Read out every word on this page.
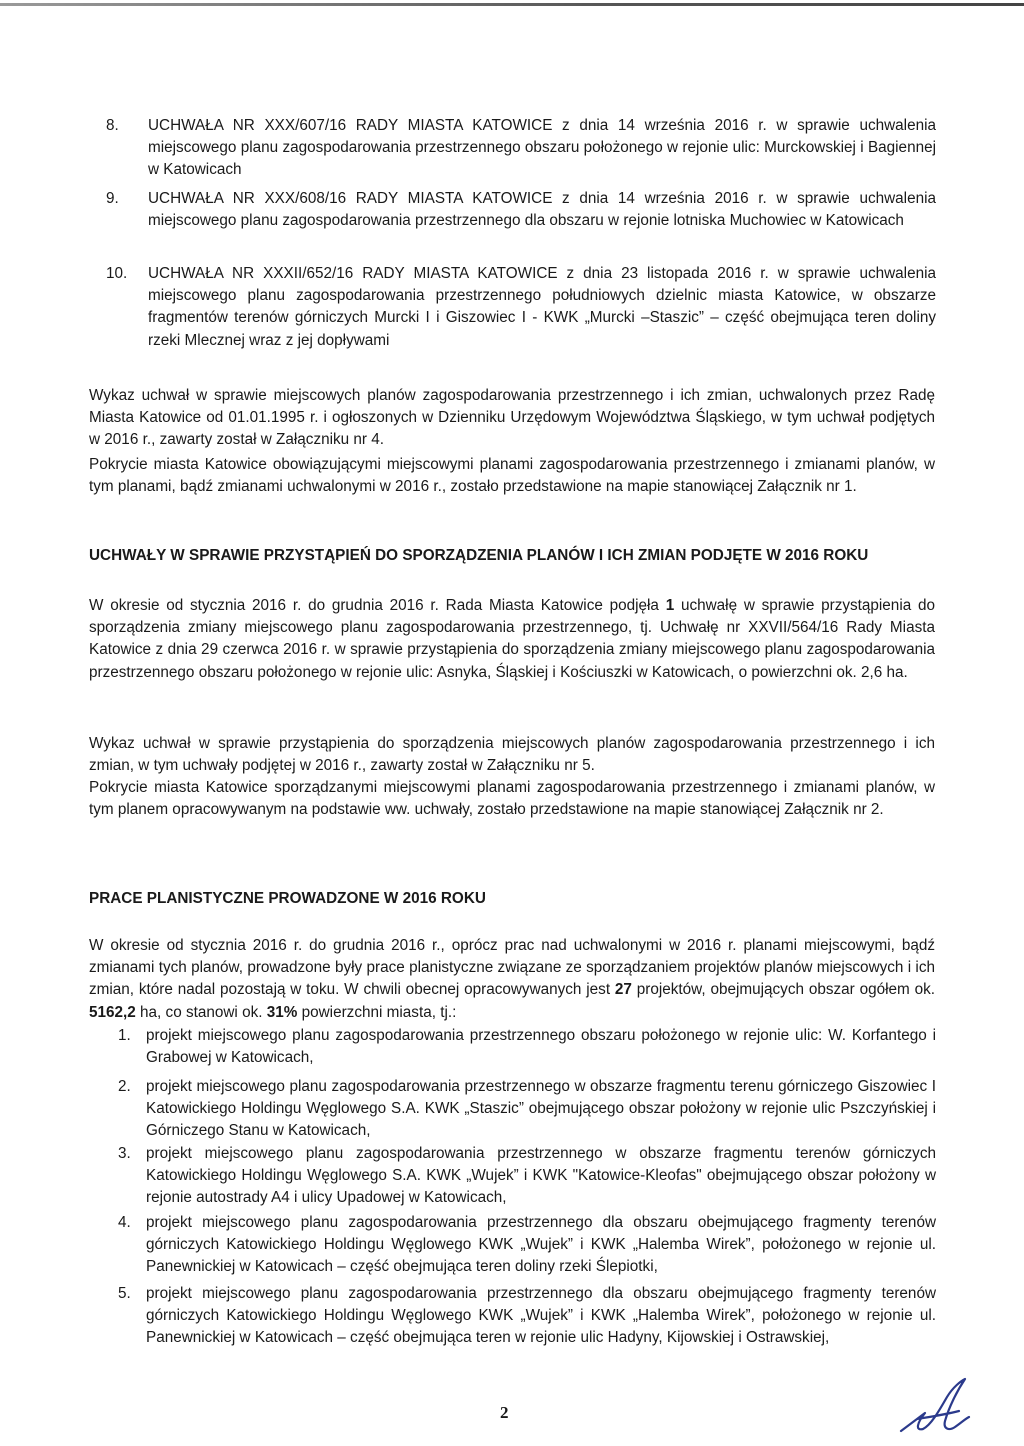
8.	UCHWAŁA NR XXX/607/16 RADY MIASTA KATOWICE z dnia 14 września 2016 r. w sprawie uchwalenia miejscowego planu zagospodarowania przestrzennego obszaru położonego w rejonie ulic: Murckowskiej i Bagiennej w Katowicach
9.	UCHWAŁA NR XXX/608/16 RADY MIASTA KATOWICE z dnia 14 września 2016 r. w sprawie uchwalenia miejscowego planu zagospodarowania przestrzennego dla obszaru w rejonie lotniska Muchowiec w Katowicach
10.	UCHWAŁA NR XXXII/652/16 RADY MIASTA KATOWICE z dnia 23 listopada 2016 r. w sprawie uchwalenia miejscowego planu zagospodarowania przestrzennego południowych dzielnic miasta Katowice, w obszarze fragmentów terenów górniczych Murcki I i Giszowiec I - KWK „Murcki –Staszic” – część obejmująca teren doliny rzeki Mlecznej wraz z jej dopływami

Wykaz uchwał w sprawie miejscowych planów zagospodarowania przestrzennego i ich zmian, uchwalonych przez Radę Miasta Katowice od 01.01.1995 r. i ogłoszonych w Dzienniku Urzędowym Województwa Śląskiego, w tym uchwał podjętych w 2016 r., zawarty został w Załączniku nr 4.

Pokrycie miasta Katowice obowiązującymi miejscowymi planami zagospodarowania przestrzennego i zmianami planów, w tym planami, bądź zmianami uchwalonymi w 2016 r., zostało przedstawione na mapie stanowiącej Załącznik nr 1.

UCHWAŁY W SPRAWIE PRZYSTĄPIEŃ DO SPORZĄDZENIA PLANÓW I ICH ZMIAN PODJĘTE W 2016 ROKU

W okresie od stycznia 2016 r. do grudnia 2016 r. Rada Miasta Katowice podjęła 1 uchwałę w sprawie przystąpienia do sporządzenia zmiany miejscowego planu zagospodarowania przestrzennego, tj. Uchwałę nr XXVII/564/16 Rady Miasta Katowice z dnia 29 czerwca 2016 r. w sprawie przystąpienia do sporządzenia zmiany miejscowego planu zagospodarowania przestrzennego obszaru położonego w rejonie ulic: Asnyka, Śląskiej i Kościuszki w Katowicach, o powierzchni ok. 2,6 ha.

Wykaz uchwał w sprawie przystąpienia do sporządzenia miejscowych planów zagospodarowania przestrzennego i ich zmian, w tym uchwały podjętej w 2016 r., zawarty został w Załączniku nr 5.

Pokrycie miasta Katowice sporządzanymi miejscowymi planami zagospodarowania przestrzennego i zmianami planów, w tym planem opracowywanym na podstawie ww. uchwały, zostało przedstawione na mapie stanowiącej Załącznik nr 2.

PRACE PLANISTYCZNE PROWADZONE W 2016 ROKU

W okresie od stycznia 2016 r. do grudnia 2016 r., oprócz prac nad uchwalonymi w 2016 r. planami miejscowymi, bądź zmianami tych planów, prowadzone były prace planistyczne związane ze sporządzaniem projektów planów miejscowych i ich zmian, które nadal pozostają w toku. W chwili obecnej opracowywanych jest 27 projektów, obejmujących obszar ogółem ok. 5162,2 ha, co stanowi ok. 31% powierzchni miasta, tj.:

1. projekt miejscowego planu zagospodarowania przestrzennego obszaru położonego w rejonie ulic: W. Korfantego i Grabowej w Katowicach,
2. projekt miejscowego planu zagospodarowania przestrzennego w obszarze fragmentu terenu górniczego Giszowiec I Katowickiego Holdingu Węglowego S.A. KWK „Staszic” obejmującego obszar położony w rejonie ulic Pszczyńskiej i Górniczego Stanu w Katowicach,
3. projekt miejscowego planu zagospodarowania przestrzennego w obszarze fragmentu terenów górniczych Katowickiego Holdingu Węglowego S.A. KWK „Wujek” i KWK "Katowice-Kleofas" obejmującego obszar położony w rejonie autostrady A4 i ulicy Upadowej w Katowicach,
4. projekt miejscowego planu zagospodarowania przestrzennego dla obszaru obejmującego fragmenty terenów górniczych Katowickiego Holdingu Węglowego KWK „Wujek” i KWK „Halemba Wirek”, położonego w rejonie ul. Panewnickiej w Katowicach – część obejmująca teren doliny rzeki Ślepiotki,
5. projekt miejscowego planu zagospodarowania przestrzennego dla obszaru obejmującego fragmenty terenów górniczych Katowickiego Holdingu Węglowego KWK „Wujek” i KWK „Halemba Wirek”, położonego w rejonie ul. Panewnickiej w Katowicach – część obejmująca teren w rejonie ulic Hadyny, Kijowskiej i Ostrawskiej,
2
